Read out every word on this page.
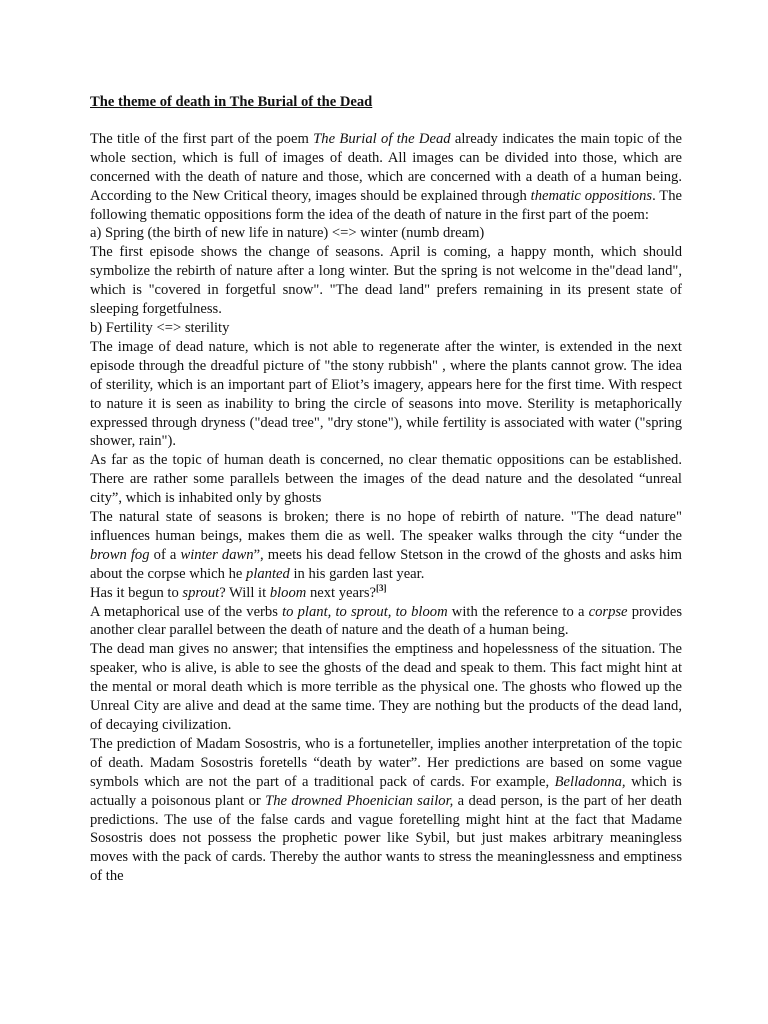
The theme of death in The Burial of the Dead

The title of the first part of the poem The Burial of the Dead already indicates the main topic of the whole section, which is full of images of death. All images can be divided into those, which are concerned with the death of nature and those, which are concerned with a death of a human being. According to the New Critical theory, images should be explained through thematic oppositions. The following thematic oppositions form the idea of the death of nature in the first part of the poem:

a) Spring (the birth of new life in nature) <=> winter (numb dream)

The first episode shows the change of seasons. April is coming, a happy month, which should symbolize the rebirth of nature after a long winter. But the spring is not welcome in the"dead land", which is "covered in forgetful snow". "The dead land" prefers remaining in its present state of sleeping forgetfulness.

b) Fertility <=> sterility

The image of dead nature, which is not able to regenerate after the winter, is extended in the next episode through the dreadful picture of "the stony rubbish" , where the plants cannot grow. The idea of sterility, which is an important part of Eliot’s imagery, appears here for the first time. With respect to nature it is seen as inability to bring the circle of seasons into move. Sterility is metaphorically expressed through dryness ("dead tree", "dry stone"), while fertility is associated with water ("spring shower, rain").

As far as the topic of human death is concerned, no clear thematic oppositions can be established. There are rather some parallels between the images of the dead nature and the desolated “unreal city”, which is inhabited only by ghosts

The natural state of seasons is broken; there is no hope of rebirth of nature. "The dead nature" influences human beings, makes them die as well. The speaker walks through the city “under the brown fog of a winter dawn”, meets his dead fellow Stetson in the crowd of the ghosts and asks him about the corpse which he planted in his garden last year.

Has it begun to sprout? Will it bloom next years?[3]

A metaphorical use of the verbs to plant, to sprout, to bloom with the reference to a corpse provides another clear parallel between the death of nature and the death of a human being.

The dead man gives no answer; that intensifies the emptiness and hopelessness of the situation. The speaker, who is alive, is able to see the ghosts of the dead and speak to them. This fact might hint at the mental or moral death which is more terrible as the physical one. The ghosts who flowed up the Unreal City are alive and dead at the same time. They are nothing but the products of the dead land, of decaying civilization.

The prediction of Madam Sosostris, who is a fortuneteller, implies another interpretation of the topic of death. Madam Sosostris foretells “death by water”. Her predictions are based on some vague symbols which are not the part of a traditional pack of cards. For example, Belladonna, which is actually a poisonous plant or The drowned Phoenician sailor, a dead person, is the part of her death predictions. The use of the false cards and vague foretelling might hint at the fact that Madame Sosostris does not possess the prophetic power like Sybil, but just makes arbitrary meaningless moves with the pack of cards. Thereby the author wants to stress the meaninglessness and emptiness of the
